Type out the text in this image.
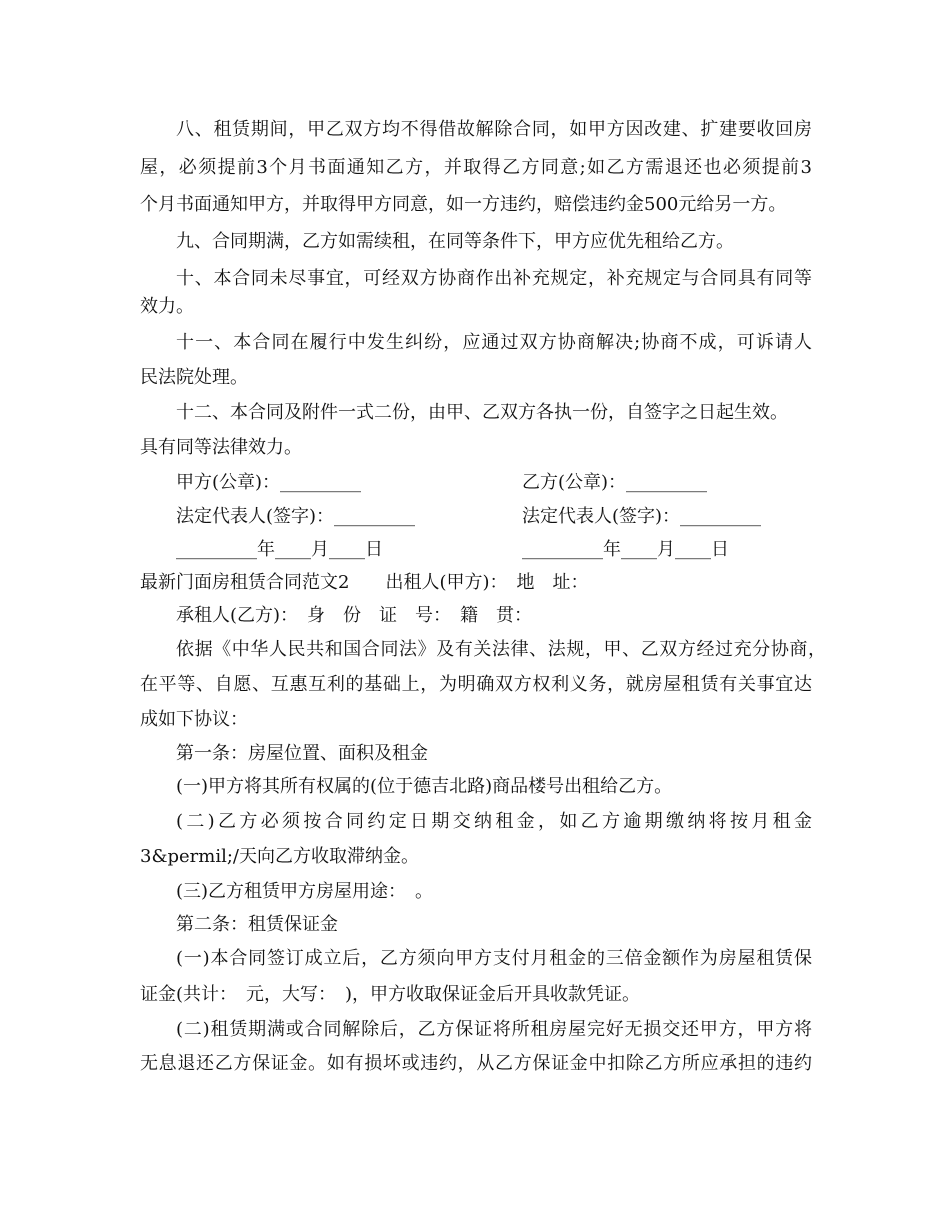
八、租赁期间，甲乙双方均不得借故解除合同，如甲方因改建、扩建要收回房
屋，必须提前3个月书面通知乙方，并取得乙方同意;如乙方需退还也必须提前3
个月书面通知甲方，并取得甲方同意，如一方违约，赔偿违约金500元给另一方。
九、合同期满，乙方如需续租，在同等条件下，甲方应优先租给乙方。
十、本合同未尽事宜，可经双方协商作出补充规定，补充规定与合同具有同等
效力。
十一、本合同在履行中发生纠纷，应通过双方协商解决;协商不成，可诉请人
民法院处理。
十二、本合同及附件一式二份，由甲、乙双方各执一份，自签字之日起生效。
具有同等法律效力。
甲方(公章)：_________	乙方(公章)：_________
法定代表人(签字)：_________	法定代表人(签字)：_________
_________年____月____日	_________年____月____日
最新门面房租赁合同范文2　　出租人(甲方)：　地　址：
承租人(乙方)：　身　份　证　号：　籍　贯：
依据《中华人民共和国合同法》及有关法律、法规，甲、乙双方经过充分协商，
在平等、自愿、互惠互利的基础上，为明确双方权利义务，就房屋租赁有关事宜达
成如下协议：
第一条：房屋位置、面积及租金
(一)甲方将其所有权属的(位于德吉北路)商品楼号出租给乙方。
(二)乙方必须按合同约定日期交纳租金，如乙方逾期缴纳将按月租金
3&permil;/天向乙方收取滞纳金。
(三)乙方租赁甲方房屋用途：　。
第二条：租赁保证金
(一)本合同签订成立后，乙方须向甲方支付月租金的三倍金额作为房屋租赁保
证金(共计：　元，大写：　)，甲方收取保证金后开具收款凭证。
(二)租赁期满或合同解除后，乙方保证将所租房屋完好无损交还甲方，甲方将
无息退还乙方保证金。如有损坏或违约，从乙方保证金中扣除乙方所应承担的违约
